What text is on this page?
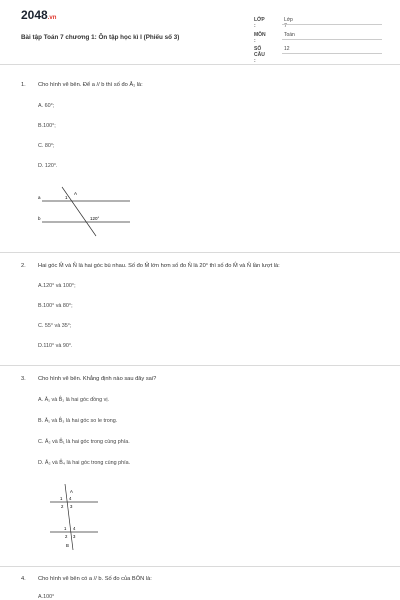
2048.vn
Bài tập Toán 7 chương 1: Ôn tập học kì I (Phiếu số 3)
LỚP :
Lớp 7
MÔN :
Toán
SỐ CÂU :
12
1. Cho hình vẽ bên. Để a // b thì số đo Â₁ là:
A. 60°;
B.100°;
C. 80°;
D. 120°.
a
b
1
A
120°
2. Hai góc M̂ và N̂ là hai góc bù nhau. Số đo M̂ lớn hơn số đo N̂ là 20° thì số đo M̂ và N̂ lần lượt là:
A.120° và 100°;
B.100° và 80°;
C. 55° và 35°;
D.110° và 90°.
3. Cho hình vẽ bên. Khẳng định nào sau đây sai?
A. Â₁ và B̂₁ là hai góc đồng vị.
B. Â₁ và B̂₃ là hai góc so le trong.
C. Â₂ và B̂₁ là hai góc trong cùng phía.
D. Â₂ và B̂₄ là hai góc trong cùng phía.
1 4
A
2 3
1 4
2 3
B
4. Cho hình vẽ bên có a // b. Số đo của BÔN là:
A.100°
